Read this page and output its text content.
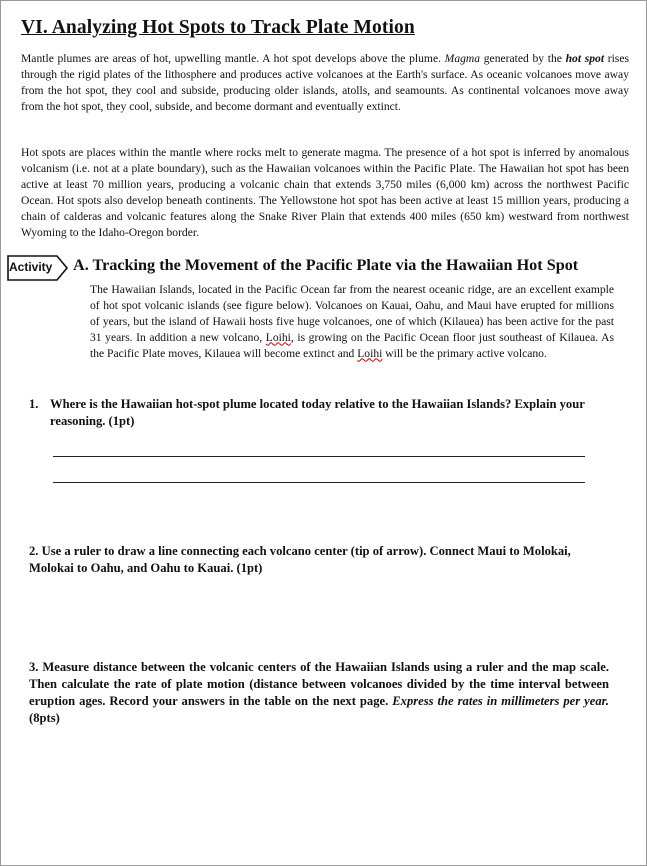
VI. Analyzing Hot Spots to Track Plate Motion
Mantle plumes are areas of hot, upwelling mantle. A hot spot develops above the plume. Magma generated by the hot spot rises through the rigid plates of the lithosphere and produces active volcanoes at the Earth's surface. As oceanic volcanoes move away from the hot spot, they cool and subside, producing older islands, atolls, and seamounts. As continental volcanoes move away from the hot spot, they cool, subside, and become dormant and eventually extinct.
Hot spots are places within the mantle where rocks melt to generate magma. The presence of a hot spot is inferred by anomalous volcanism (i.e. not at a plate boundary), such as the Hawaiian volcanoes within the Pacific Plate. The Hawaiian hot spot has been active at least 70 million years, producing a volcanic chain that extends 3,750 miles (6,000 km) across the northwest Pacific Ocean. Hot spots also develop beneath continents. The Yellowstone hot spot has been active at least 15 million years, producing a chain of calderas and volcanic features along the Snake River Plain that extends 400 miles (650 km) westward from northwest Wyoming to the Idaho-Oregon border.
Activity A. Tracking the Movement of the Pacific Plate via the Hawaiian Hot Spot
The Hawaiian Islands, located in the Pacific Ocean far from the nearest oceanic ridge, are an excellent example of hot spot volcanic islands (see figure below). Volcanoes on Kauai, Oahu, and Maui have erupted for millions of years, but the island of Hawaii hosts five huge volcanoes, one of which (Kilauea) has been active for the past 31 years. In addition a new volcano, Loihi, is growing on the Pacific Ocean floor just southeast of Kilauea. As the Pacific Plate moves, Kilauea will become extinct and Loihi will be the primary active volcano.
1. Where is the Hawaiian hot-spot plume located today relative to the Hawaiian Islands? Explain your reasoning. (1pt)
2. Use a ruler to draw a line connecting each volcano center (tip of arrow). Connect Maui to Molokai, Molokai to Oahu, and Oahu to Kauai. (1pt)
3. Measure distance between the volcanic centers of the Hawaiian Islands using a ruler and the map scale. Then calculate the rate of plate motion (distance between volcanoes divided by the time interval between eruption ages. Record your answers in the table on the next page. Express the rates in millimeters per year. (8pts)
